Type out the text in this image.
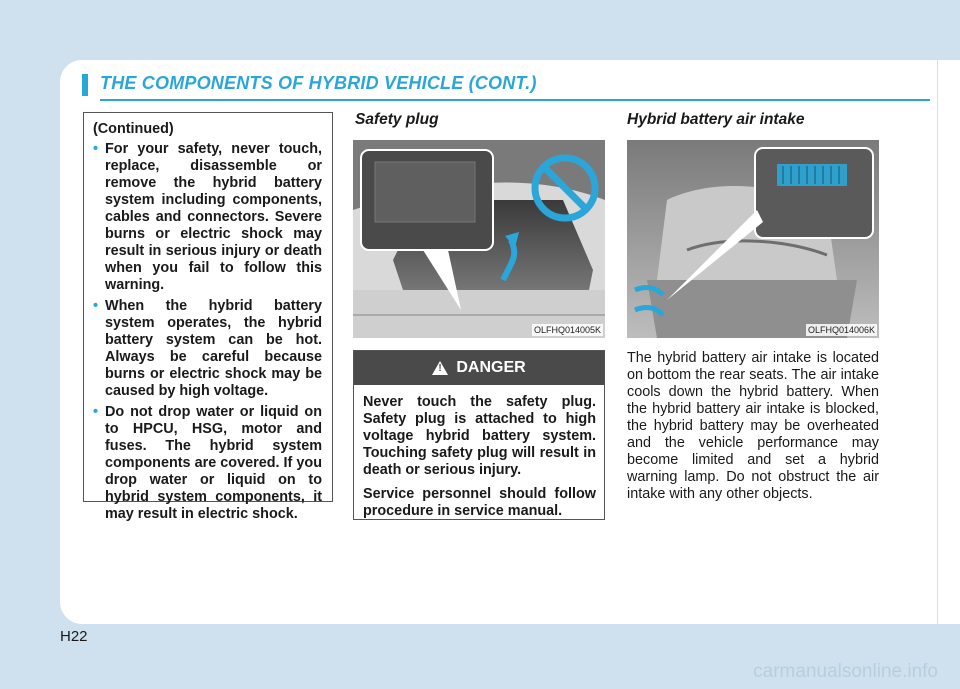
THE COMPONENTS OF HYBRID VEHICLE (CONT.)
(Continued)
• For your safety, never touch, replace, disassemble or remove the hybrid battery system including components, cables and connectors. Severe burns or electric shock may result in serious injury or death when you fail to follow this warning.
• When the hybrid battery system operates, the hybrid battery system can be hot. Always be careful because burns or electric shock may be caused by high voltage.
• Do not drop water or liquid on to HPCU, HSG, motor and fuses. The hybrid system components are covered. If you drop water or liquid on to hybrid system components, it may result in electric shock.
Safety plug
OLFHQ014005K
!
DANGER

Never touch the safety plug. Safety plug is attached to high voltage hybrid battery system. Touching safety plug will result in death or serious injury.

Service personnel should follow procedure in service manual.

Hybrid battery air intake
OLFHQ014006K
The hybrid battery air intake is located on bottom the rear seats. The air intake cools down the hybrid battery. When the hybrid battery air intake is blocked, the hybrid battery may be overheated and the vehicle performance may become limited and set a hybrid warning lamp. Do not obstruct the air intake with any other objects.
H22
carmanualsonline.info
